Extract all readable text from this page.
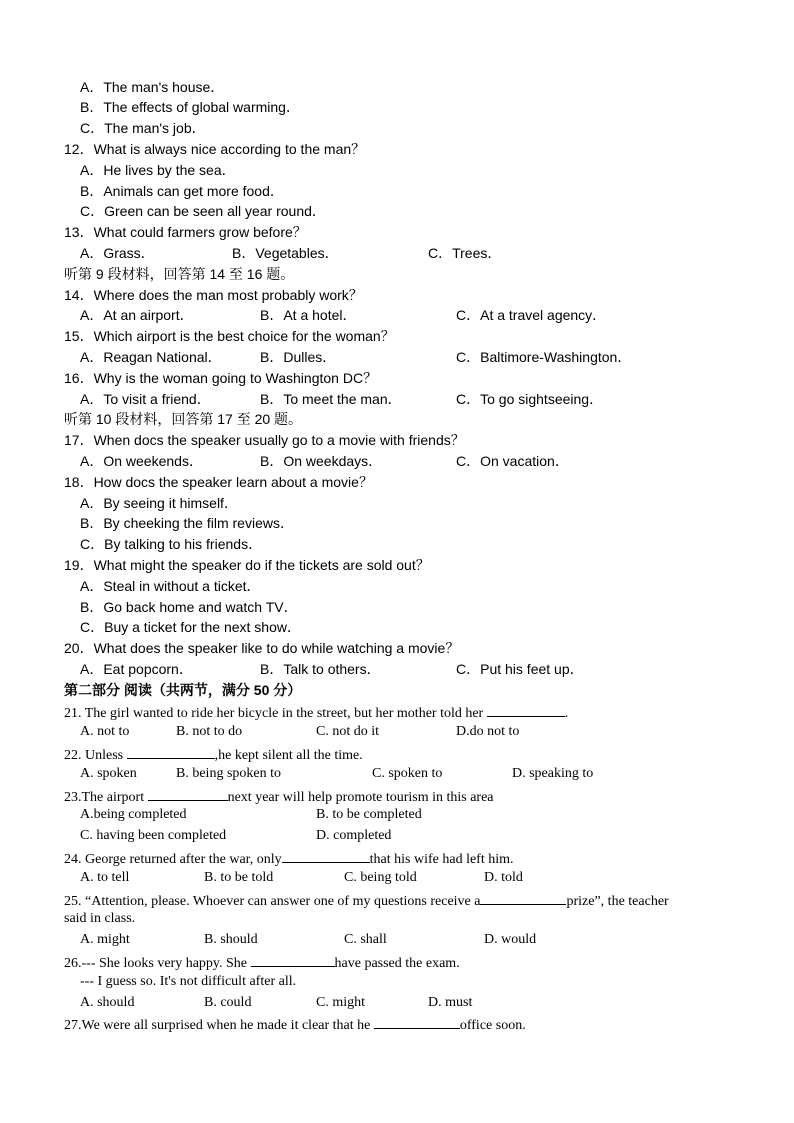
A．The man's house．
B．The effects of global warming．
C．The man's job．
12．What is always nice according to the man？
A．He lives by the sea．
B．Animals can get more food．
C．Green can be seen all year round．
13．What could farmers grow before？
A．Grass．	B．Vegetables．	C．Trees．
听第 9 段材料，回答第 14 至 16 题。
14．Where does the man most probably work？
A．At an airport．	B．At a hotel．	C．At a travel agency．
15．Which airport is the best choice for the woman？
A．Reagan National．	B．Dulles．	C．Baltimore-Washington．
16．Why is the woman going to Washington DC？
A．To visit a friend．	B．To meet the man．	C．To go sightseeing．
听第 10 段材料，回答第 17 至 20 题。
17．When docs the speaker usually go to a movie with friends？
A．On weekends．	B．On weekdays．	C．On vacation．
18．How docs the speaker learn about a movie？
A．By seeing it himself．
B．By cheeking the film reviews．
C．By talking to his friends．
19．What might the speaker do if the tickets are sold out？
A．Steal in without a ticket．
B．Go back home and watch TV．
C．Buy a ticket for the next show．
20．What does the speaker like to do while watching a movie？
A．Eat popcorn．	B．Talk to others．	C．Put his feet up．
第二部分 阅读（共两节，满分 50 分）
21. The girl wanted to ride her bicycle in the street, but her mother told her	.
A. not to	B. not to do	C. not do it	D.do not to
22. Unless	,he kept silent all the time.
A. spoken	B. being spoken to	C. spoken to	D. speaking to
23.The airport	next year will help promote tourism in this area
A.being completed	B. to be completed
C. having been completed	D. completed
24. George returned after the war, only	that his wife had left him.
A. to tell	B. to be told	C. being told	D. told
25. “Attention, please. Whoever can answer one of my questions receive a	prize”, the teacher
said in class.
A. might	B. should	C. shall	D. would
26.--- She looks very happy. She	have passed the exam.
--- I guess so. It's not difficult after all.
A. should	B. could	C. might	D. must
27.We were all surprised when he made it clear that he	office soon.
